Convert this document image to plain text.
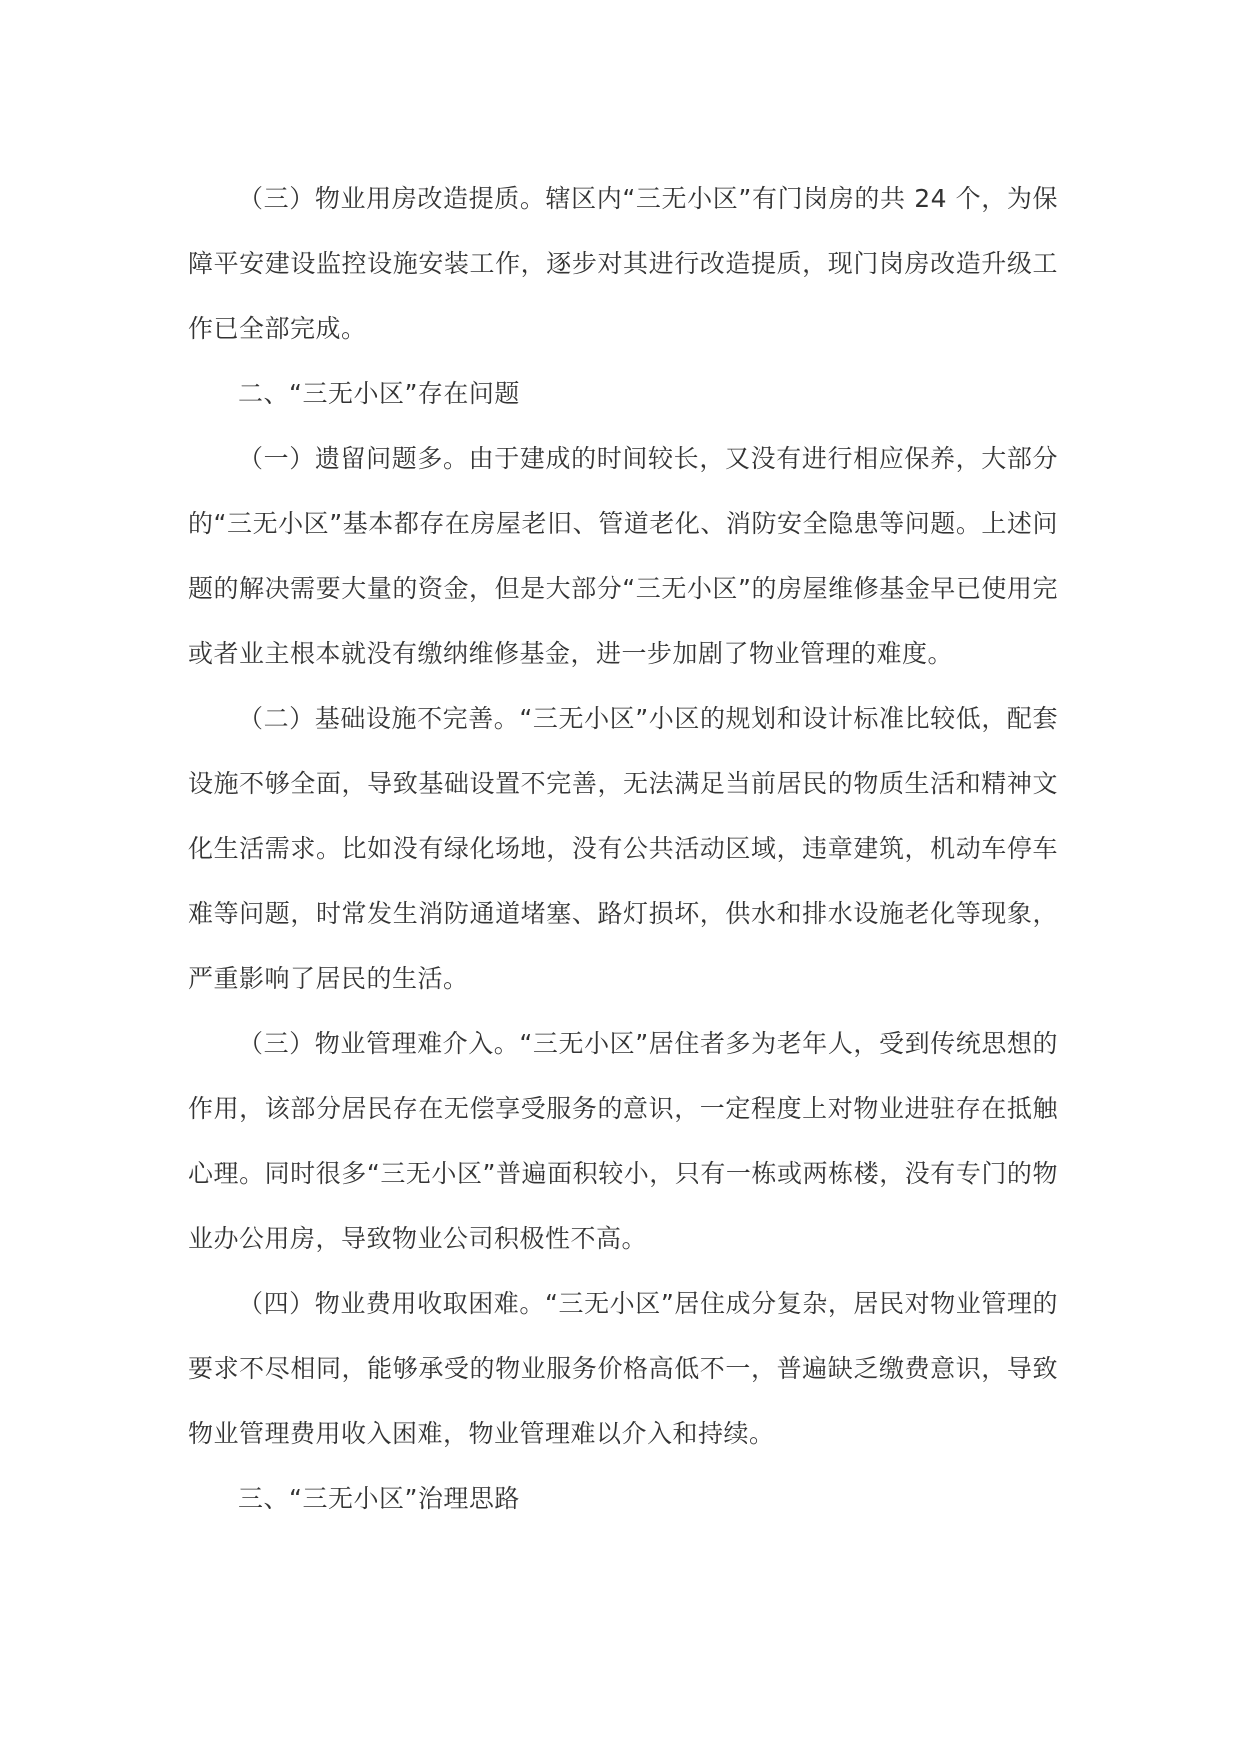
（三）物业用房改造提质。辖区内“三无小区”有门岗房的共 24 个，为保障平安建设监控设施安装工作，逐步对其进行改造提质，现门岗房改造升级工作已全部完成。

二、“三无小区”存在问题

（一）遗留问题多。由于建成的时间较长，又没有进行相应保养，大部分的“三无小区”基本都存在房屋老旧、管道老化、消防安全隐患等问题。上述问题的解决需要大量的资金，但是大部分“三无小区”的房屋维修基金早已使用完或者业主根本就没有缴纳维修基金，进一步加剧了物业管理的难度。

（二）基础设施不完善。“三无小区”小区的规划和设计标准比较低，配套设施不够全面，导致基础设置不完善，无法满足当前居民的物质生活和精神文化生活需求。比如没有绿化场地，没有公共活动区域，违章建筑，机动车停车难等问题，时常发生消防通道堵塞、路灯损坏，供水和排水设施老化等现象，严重影响了居民的生活。

（三）物业管理难介入。“三无小区”居住者多为老年人，受到传统思想的作用，该部分居民存在无偿享受服务的意识，一定程度上对物业进驻存在抵触心理。同时很多“三无小区”普遍面积较小，只有一栋或两栋楼，没有专门的物业办公用房，导致物业公司积极性不高。

（四）物业费用收取困难。“三无小区”居住成分复杂，居民对物业管理的要求不尽相同，能够承受的物业服务价格高低不一，普遍缺乏缴费意识，导致物业管理费用收入困难，物业管理难以介入和持续。

三、“三无小区”治理思路
